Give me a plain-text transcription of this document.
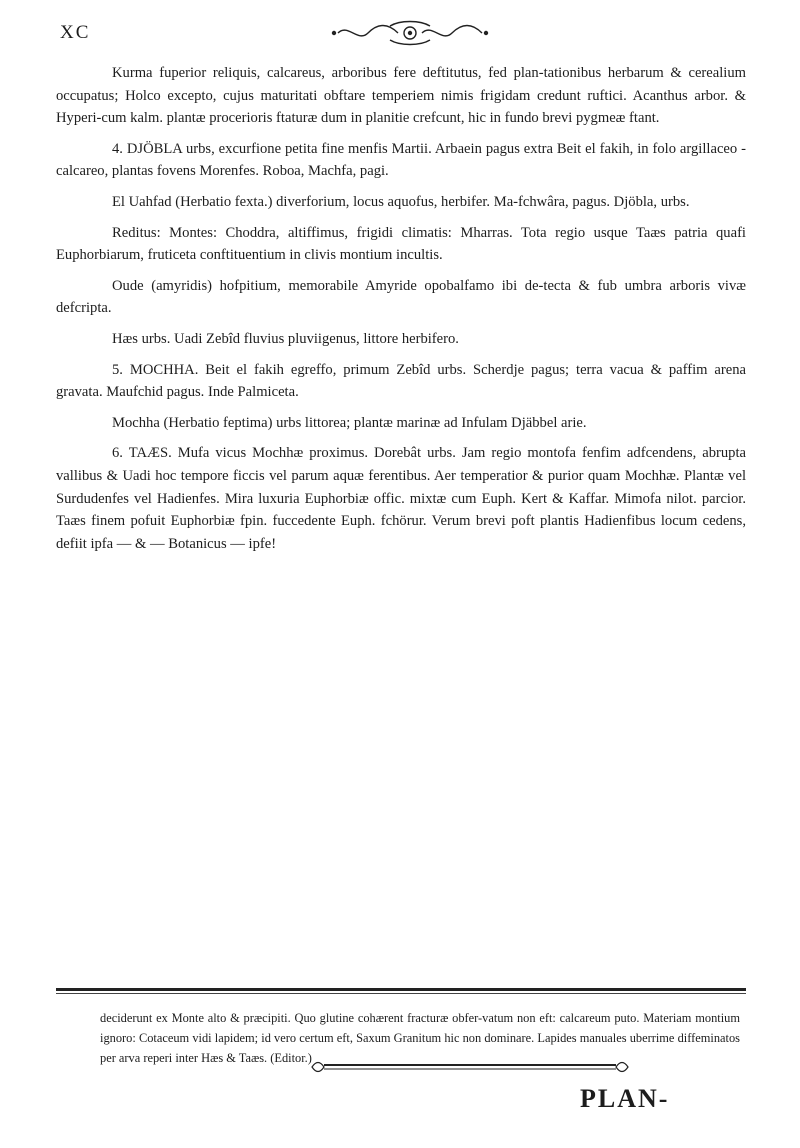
XC

Kurma fuperior reliquis, calcareus, arboribus fere deftitutus, fed plan-tationibus herbarum & cerealium occupatus; Holco excepto, cujus maturitati obftare temperiem nimis frigidam credunt ruftici. Acanthus arbor. & Hyperi-cum kalm. plantæ procerioris ftaturæ dum in planitie crefcunt, hic in fundo brevi pygmeæ ftant.

4. DJÖBLA urbs, excurfione petita fine menfis Martii. Arbaein pagus extra Beit el fakih, in folo argillaceo - calcareo, plantas fovens Morenfes. Roboa, Machfa, pagi.

El Uahfad (Herbatio fexta.) diverforium, locus aquofus, herbifer. Ma-fchwâra, pagus. Djöbla, urbs.

Reditus: Montes: Choddra, altiffimus, frigidi climatis: Mharras. Tota regio usque Taæs patria quafi Euphorbiarum, fruticeta conftituentium in clivis montium incultis.

Oude (amyridis) hofpitium, memorabile Amyride opobalfamo ibi de-tecta & fub umbra arboris vivæ defcripta.

Hæs urbs. Uadi Zebîd fluvius pluviigenus, littore herbifero.

5. MOCHHA. Beit el fakih egreffo, primum Zebîd urbs. Scherdje pagus; terra vacua & paffim arena gravata. Maufchid pagus. Inde Palmiceta.

Mochha (Herbatio feptima) urbs littorea; plantæ marinæ ad Infulam Djäbbel arie.

6. TAÆS. Mufa vicus Mochhæ proximus. Dorebât urbs. Jam regio montofa fenfim adfcendens, abrupta vallibus & Uadi hoc tempore ficcis vel parum aquæ ferentibus. Aer temperatior & purior quam Mochhæ. Plantæ vel Surdudenfes vel Hadienfes. Mira luxuria Euphorbiæ offic. mixtæ cum Euph. Kert & Kaffar. Mimofa nilot. parcior. Taæs finem pofuit Euphorbiæ fpin. fuccedente Euph. fchörur. Verum brevi poft plantis Hadienfibus locum cedens, defiit ipfa — & — Botanicus — ipfe!

deciderunt ex Monte alto & præcipiti. Quo glutine cohærent fracturæ obfer-vatum non eft: calcareum puto. Materiam montium ignoro: Cotaceum vidi lapidem; id vero certum eft, Saxum Granitum hic non dominare. Lapides manuales uberrime diffeminatos per arva reperi inter Hæs & Taæs. (Editor.)
PLAN-
